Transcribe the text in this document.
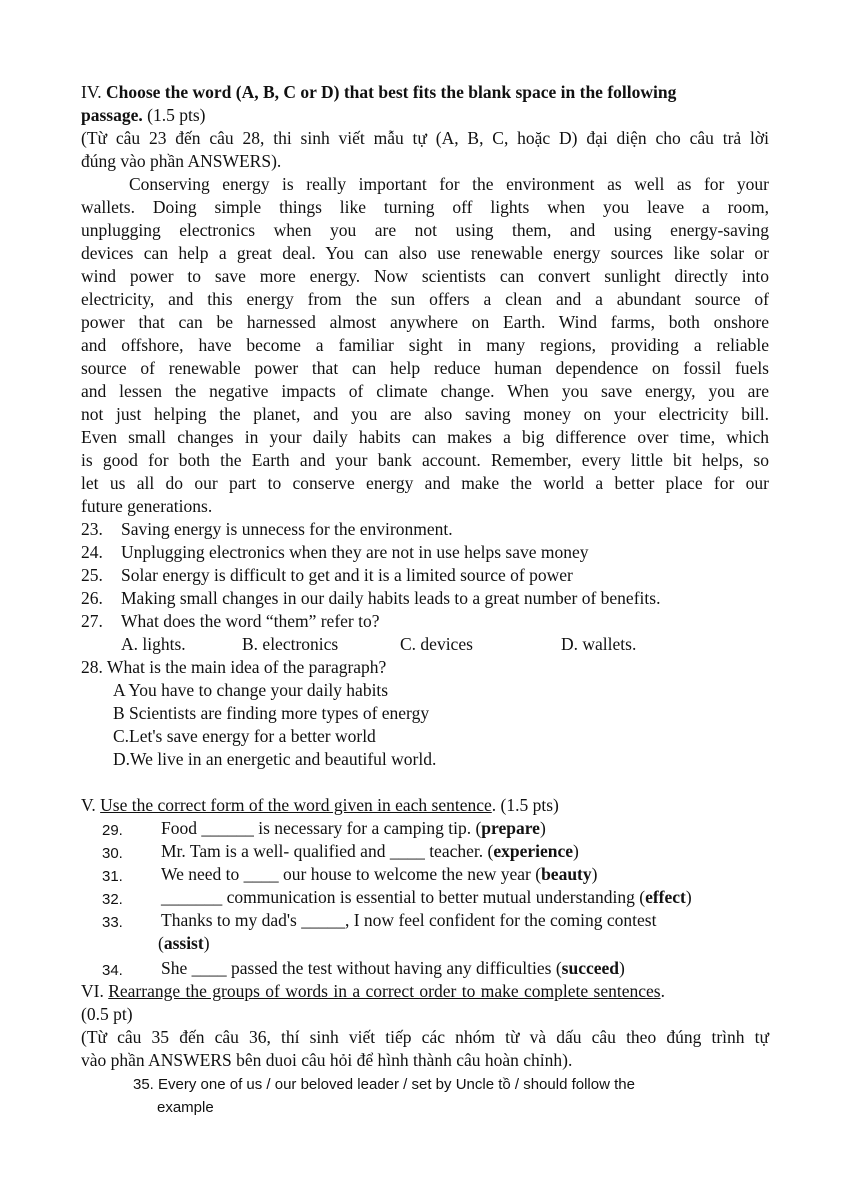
IV. Choose the word (A, B, C or D) that best fits the blank space in the following
passage. (1.5 pts)
(Từ câu 23 đến câu 28, thi sinh viết mẫu tự (A, B, C, hoặc D) đại diện cho câu trả lời
đúng vào phần ANSWERS).
Conserving energy is really important for the environment as well as for your
wallets. Doing simple things like turning off lights when you leave a room,
unplugging electronics when you are not using them, and using energy-saving
devices can help a great deal. You can also use renewable energy sources like solar or
wind power to save more energy. Now scientists can convert sunlight directly into
electricity, and this energy from the sun offers a clean and a abundant source of
power that can be harnessed almost anywhere on Earth. Wind farms, both onshore
and offshore, have become a familiar sight in many regions, providing a reliable
source of renewable power that can help reduce human dependence on fossil fuels
and lessen the negative impacts of climate change. When you save energy, you are
not just helping the planet, and you are also saving money on your electricity bill.
Even small changes in your daily habits can makes a big difference over time, which
is good for both the Earth and your bank account. Remember, every little bit helps, so
let us all do our part to conserve energy and make the world a better place for our
future generations.
23. Saving energy is unnecess for the environment.
24. Unplugging electronics when they are not in use helps save money
25. Solar energy is difficult to get and it is a limited source of power
26. Making small changes in our daily habits leads to a great number of benefits.
27. What does the word “them” refer to?
A. lights.	B. electronics	C. devices	D. wallets.
28. What is the main idea of the paragraph?
A You have to change your daily habits
B Scientists are finding more types of energy
C.Let's save energy for a better world
D.We live in an energetic and beautiful world.
V. Use the correct form of the word given in each sentence. (1.5 pts)
29. Food ______ is necessary for a camping tip. (prepare)
30. Mr. Tam is a well- qualified and ____ teacher. (experience)
31. We need to ____ our house to welcome the new year (beauty)
32. _______ communication is essential to better mutual understanding (effect)
33. Thanks to my dad's _____, I now feel confident for the coming contest
(assist)
34. She ____ passed the test without having any difficulties (succeed)
VI. Rearrange the groups of words in a correct order to make complete sentences.
(0.5 pt)
(Từ câu 35 đến câu 36, thí sinh viết tiếp các nhóm từ và dấu câu theo đúng trình tự
vào phần ANSWERS bên duoi câu hỏi để hình thành câu hoàn chỉnh).
35. Every one of us / our beloved leader / set by Uncle tồ / should follow the
example
